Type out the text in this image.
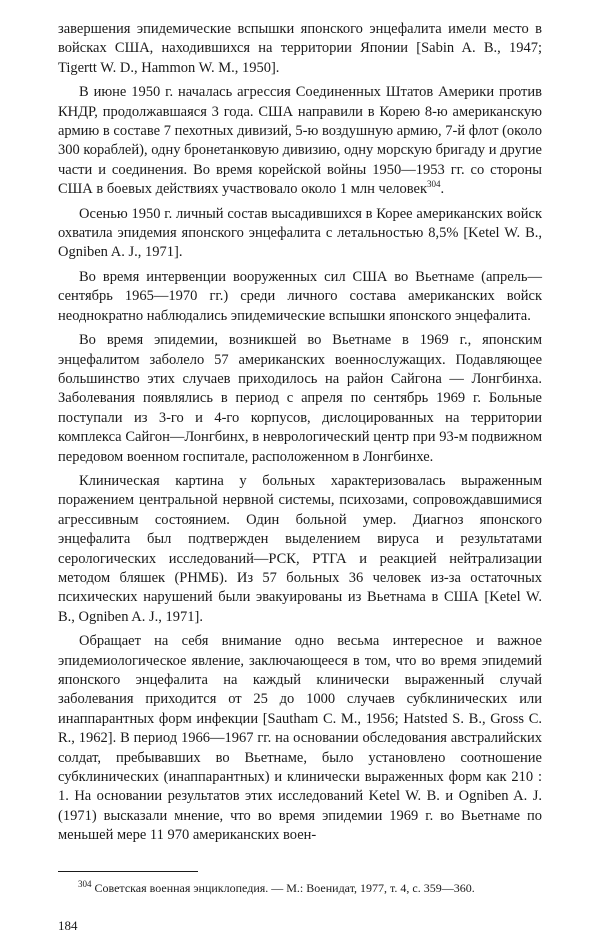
завершения эпидемические вспышки японского энцефалита имели место в войсках США, находившихся на территории Японии [Sabin A. B., 1947; Tigertt W. D., Hammon W. M., 1950].

В июне 1950 г. началась агрессия Соединенных Штатов Америки против КНДР, продолжавшаяся 3 года. США направили в Корею 8-ю американскую армию в составе 7 пехотных дивизий, 5-ю воздушную армию, 7-й флот (около 300 кораблей), одну бронетанковую дивизию, одну морскую бригаду и другие части и соединения. Во время корейской войны 1950—1953 гг. со стороны США в боевых действиях участвовало около 1 млн человек$^{304}$.

Осенью 1950 г. личный состав высадившихся в Корее американских войск охватила эпидемия японского энцефалита с летальностью 8,5% [Ketel W. B., Ogniben A. J., 1971].

Во время интервенции вооруженных сил США во Вьетнаме (апрель—сентябрь 1965—1970 гг.) среди личного состава американских войск неоднократно наблюдались эпидемические вспышки японского энцефалита.

Во время эпидемии, возникшей во Вьетнаме в 1969 г., японским энцефалитом заболело 57 американских военнослужащих. Подавляющее большинство этих случаев приходилось на район Сайгона — Лонгбинха. Заболевания появлялись в период с апреля по сентябрь 1969 г. Больные поступали из 3-го и 4-го корпусов, дислоцированных на территории комплекса Сайгон—Лонгбинх, в неврологический центр при 93-м подвижном передовом военном госпитале, расположенном в Лонгбинхе.

Клиническая картина у больных характеризовалась выраженным поражением центральной нервной системы, психозами, сопровождавшимися агрессивным состоянием. Один больной умер. Диагноз японского энцефалита был подтвержден выделением вируса и результатами серологических исследований—РСК, РТГА и реакцией нейтрализации методом бляшек (РНМБ). Из 57 больных 36 человек из-за остаточных психических нарушений были эвакуированы из Вьетнама в США [Ketel W. B., Ogniben A. J., 1971].

Обращает на себя внимание одно весьма интересное и важное эпидемиологическое явление, заключающееся в том, что во время эпидемий японского энцефалита на каждый клинически выраженный случай заболевания приходится от 25 до 1000 случаев субклинических или инаппарантных форм инфекции [Sautham C. M., 1956; Hatsted S. B., Gross C. R., 1962]. В период 1966—1967 гг. на основании обследования австралийских солдат, пребывавших во Вьетнаме, было установлено соотношение субклинических (инаппарантных) и клинически выраженных форм как 210 : 1. На основании результатов этих исследований Ketel W. B. и Ogniben A. J. (1971) высказали мнение, что во время эпидемии 1969 г. во Вьетнаме по меньшей мере 11 970 американских воен-

$^{304}$ Советская военная энциклопедия. — М.: Военидат, 1977, т. 4, с. 359—360.

184
